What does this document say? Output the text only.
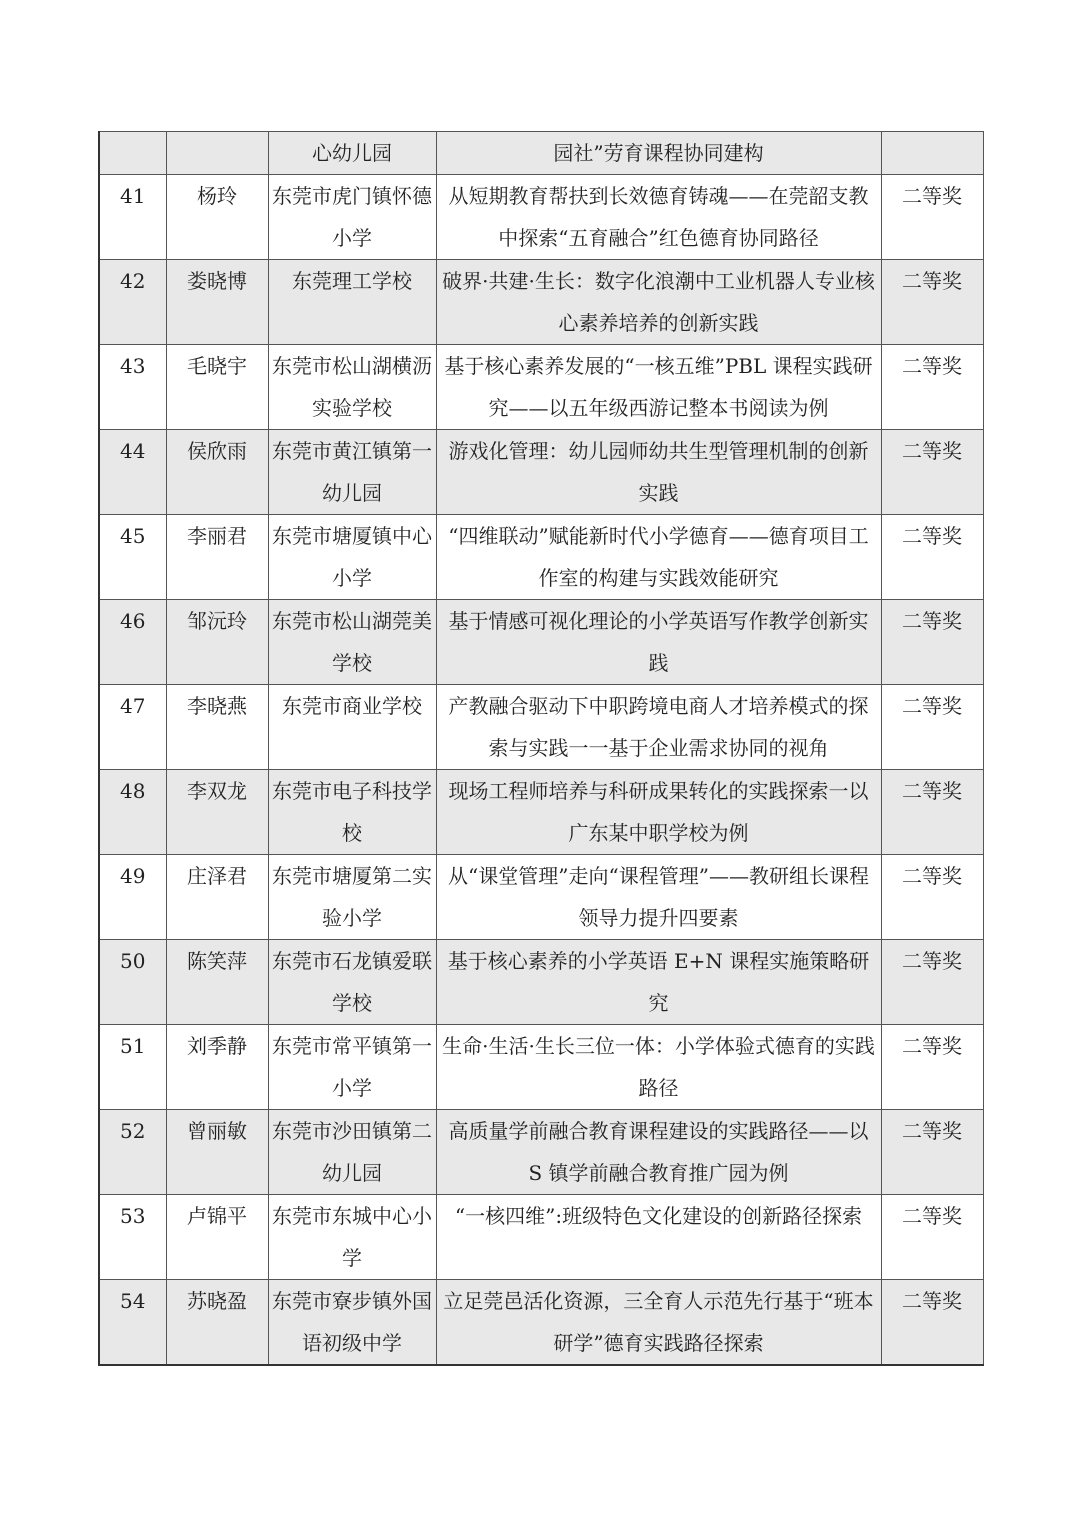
		心幼儿园	园社”劳育课程协同建构	
41	杨玲	东莞市虎门镇怀德小学	从短期教育帮扶到长效德育铸魂——在莞韶支教中探索“五育融合”红色德育协同路径	二等奖
42	娄晓博	东莞理工学校	破界·共建·生长：数字化浪潮中工业机器人专业核心素养培养的创新实践	二等奖
43	毛晓宇	东莞市松山湖横沥实验学校	基于核心素养发展的“一核五维”PBL 课程实践研究——以五年级西游记整本书阅读为例	二等奖
44	侯欣雨	东莞市黄江镇第一幼儿园	游戏化管理：幼儿园师幼共生型管理机制的创新实践	二等奖
45	李丽君	东莞市塘厦镇中心小学	“四维联动”赋能新时代小学德育——德育项目工作室的构建与实践效能研究	二等奖
46	邹沅玲	东莞市松山湖莞美学校	基于情感可视化理论的小学英语写作教学创新实践	二等奖
47	李晓燕	东莞市商业学校	产教融合驱动下中职跨境电商人才培养模式的探索与实践一一基于企业需求协同的视角	二等奖
48	李双龙	东莞市电子科技学校	现场工程师培养与科研成果转化的实践探索一以广东某中职学校为例	二等奖
49	庄泽君	东莞市塘厦第二实验小学	从“课堂管理”走向“课程管理”——教研组长课程领导力提升四要素	二等奖
50	陈笑萍	东莞市石龙镇爱联学校	基于核心素养的小学英语 E+N 课程实施策略研究	二等奖
51	刘季静	东莞市常平镇第一小学	生命·生活·生长三位一体：小学体验式德育的实践路径	二等奖
52	曾丽敏	东莞市沙田镇第二幼儿园	高质量学前融合教育课程建设的实践路径——以 S 镇学前融合教育推广园为例	二等奖
53	卢锦平	东莞市东城中心小学	“一核四维”:班级特色文化建设的创新路径探索	二等奖
54	苏晓盈	东莞市寮步镇外国语初级中学	立足莞邑活化资源，三全育人示范先行基于“班本研学”德育实践路径探索	二等奖
